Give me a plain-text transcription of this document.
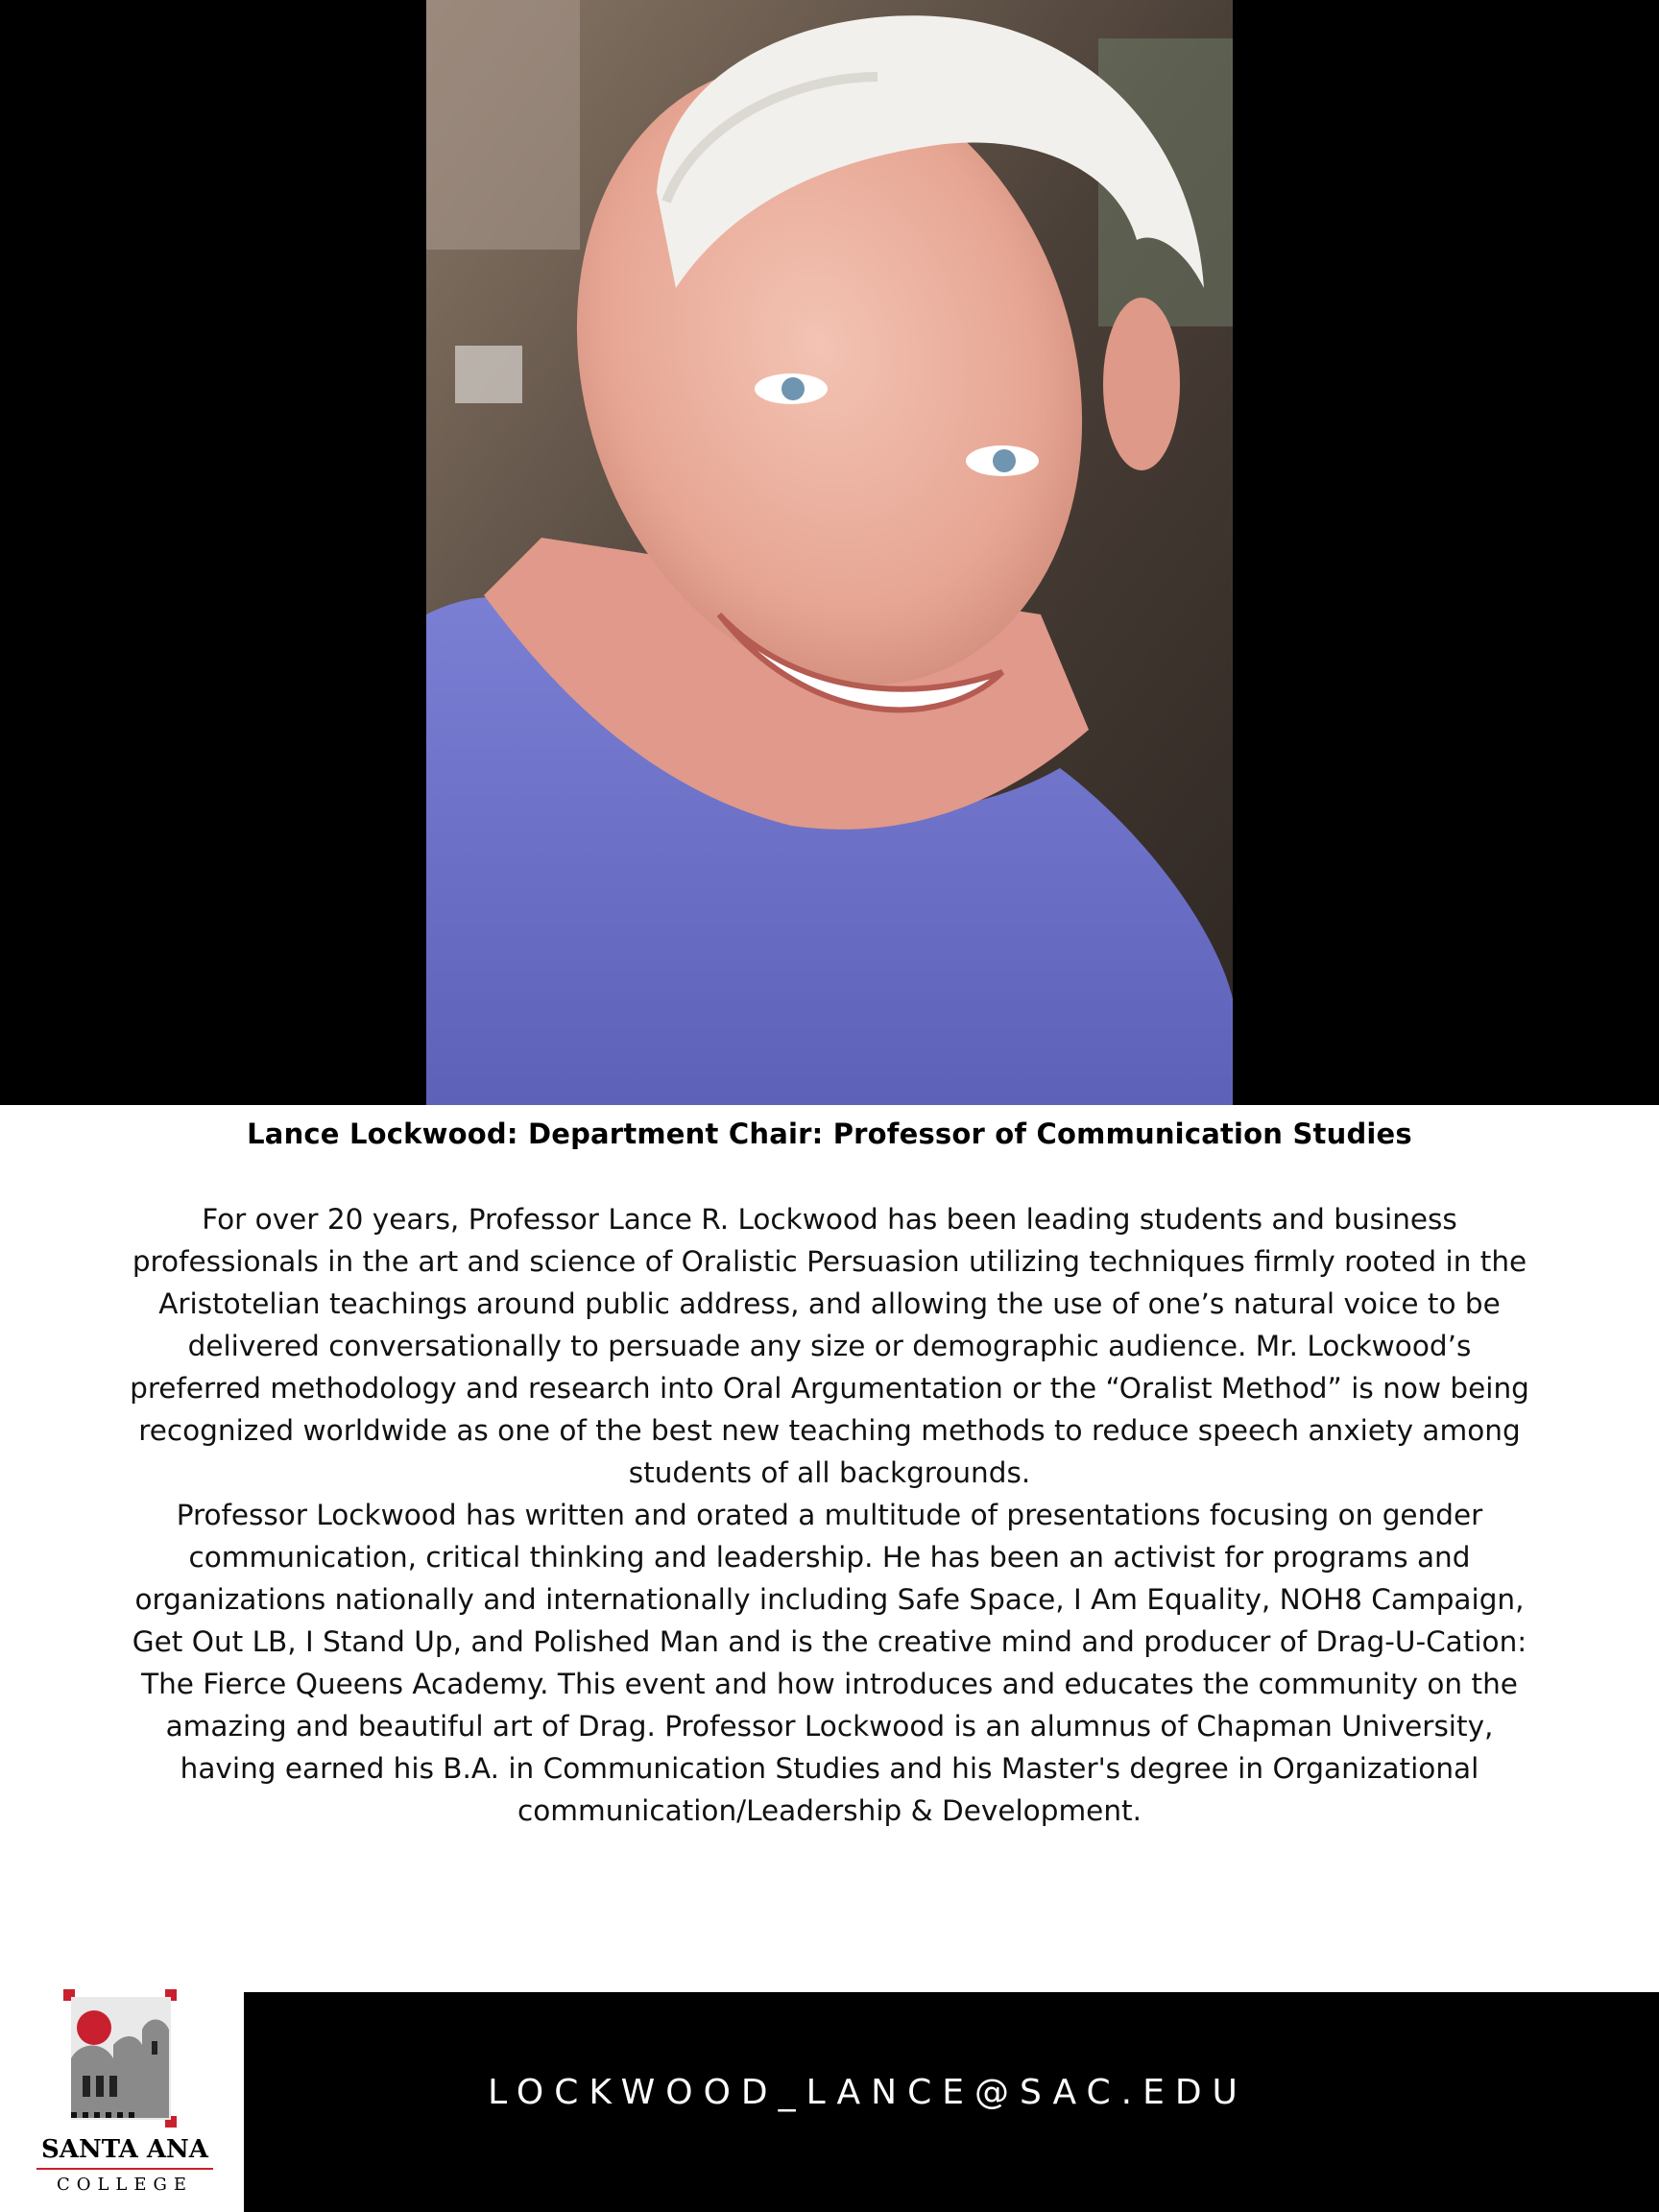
Lance Lockwood: Department Chair: Professor of Communication Studies

For over 20 years, Professor Lance R. Lockwood has been leading students and business professionals in the art and science of Oralistic Persuasion utilizing techniques firmly rooted in the Aristotelian teachings around public address, and allowing the use of one’s natural voice to be delivered conversationally to persuade any size or demographic audience. Mr. Lockwood’s preferred methodology and research into Oral Argumentation or the “Oralist Method” is now being recognized worldwide as one of the best new teaching methods to reduce speech anxiety among students of all backgrounds.

Professor Lockwood has written and orated a multitude of presentations focusing on gender communication, critical thinking and leadership. He has been an activist for programs and organizations nationally and internationally including Safe Space, I Am Equality, NOH8 Campaign, Get Out LB, I Stand Up, and Polished Man and is the creative mind and producer of Drag-U-Cation: The Fierce Queens Academy. This event and how introduces and educates the community on the amazing and beautiful art of Drag. Professor Lockwood is an alumnus of Chapman University, having earned his B.A. in Communication Studies and his Master's degree in Organizational communication/Leadership & Development.

SANTA ANA
COLLEGE
LOCKWOOD_LANCE@SAC.EDU
